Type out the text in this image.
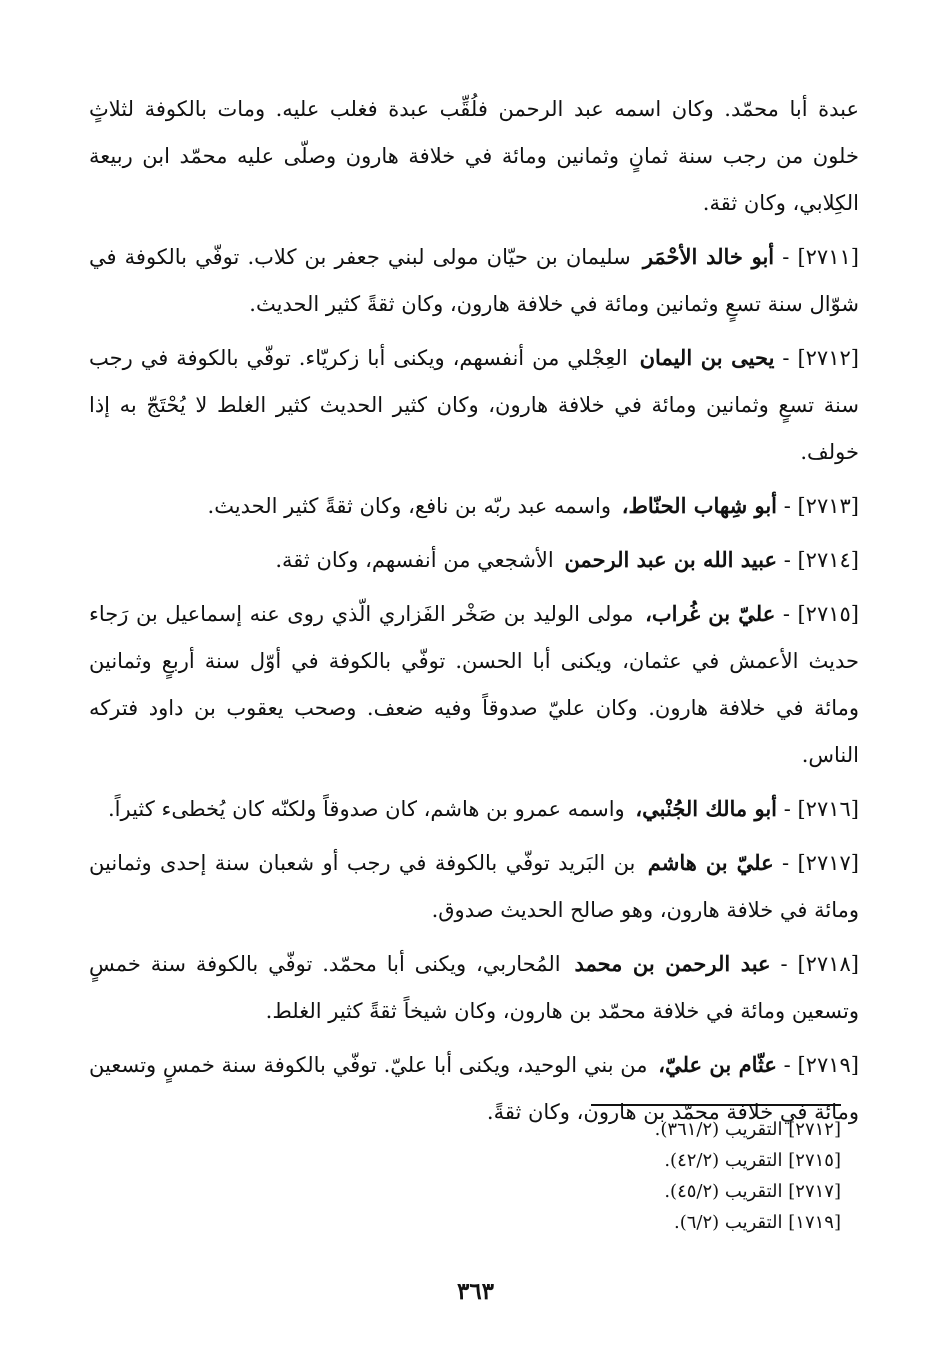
عبدة أبا محمّد. وكان اسمه عبد الرحمن فلُقِّب عبدة فغلب عليه. ومات بالكوفة لثلاثٍ خلون من رجب سنة ثمانٍ وثمانين ومائة في خلافة هارون وصلّى عليه محمّد ابن ربيعة الكِلابي، وكان ثقة.

[٢٧١١] - أبو خالد الأحْمَر سليمان بن حيّان مولى لبني جعفر بن كلاب. توفّي بالكوفة في شوّال سنة تسعٍ وثمانين ومائة في خلافة هارون، وكان ثقةً كثير الحديث.

[٢٧١٢] - يحيى بن اليمان العِجْلي من أنفسهم، ويكنى أبا زكريّاء. توفّي بالكوفة في رجب سنة تسعٍ وثمانين ومائة في خلافة هارون، وكان كثير الحديث كثير الغلط لا يُحْتَجّ به إذا خولف.

[٢٧١٣] - أبو شِهاب الحنّاط، واسمه عبد ربّه بن نافع، وكان ثقةً كثير الحديث.

[٢٧١٤] - عبيد الله بن عبد الرحمن الأشجعي من أنفسهم، وكان ثقة.

[٢٧١٥] - عليّ بن غُراب، مولى الوليد بن صَخْر الفَزاري الّذي روى عنه إسماعيل بن رَجاء حديث الأعمش في عثمان، ويكنى أبا الحسن. توفّي بالكوفة في أوّل سنة أربعٍ وثمانين ومائة في خلافة هارون. وكان عليّ صدوقاً وفيه ضعف. وصحب يعقوب بن داود فتركه الناس.

[٢٧١٦] - أبو مالك الجُنْبي، واسمه عمرو بن هاشم، كان صدوقاً ولكنّه كان يُخطىء كثيراً.

[٢٧١٧] - عليّ بن هاشم بن البَريد توفّي بالكوفة في رجب أو شعبان سنة إحدى وثمانين ومائة في خلافة هارون، وهو صالح الحديث صدوق.

[٢٧١٨] - عبد الرحمن بن محمد المُحاربي، ويكنى أبا محمّد. توفّي بالكوفة سنة خمسٍ وتسعين ومائة في خلافة محمّد بن هارون، وكان شيخاً ثقةً كثير الغلط.

[٢٧١٩] - عثّام بن عليّ، من بني الوحيد، ويكنى أبا عليّ. توفّي بالكوفة سنة خمسٍ وتسعين ومائة في خلافة محمّد بن هارون، وكان ثقةً.

[٢٧١٢] التقريب (٣٦١/٢).
[٢٧١٥] التقريب (٤٢/٢).
[٢٧١٧] التقريب (٤٥/٢).
[١٧١٩] التقريب (٦/٢).
٣٦٣
